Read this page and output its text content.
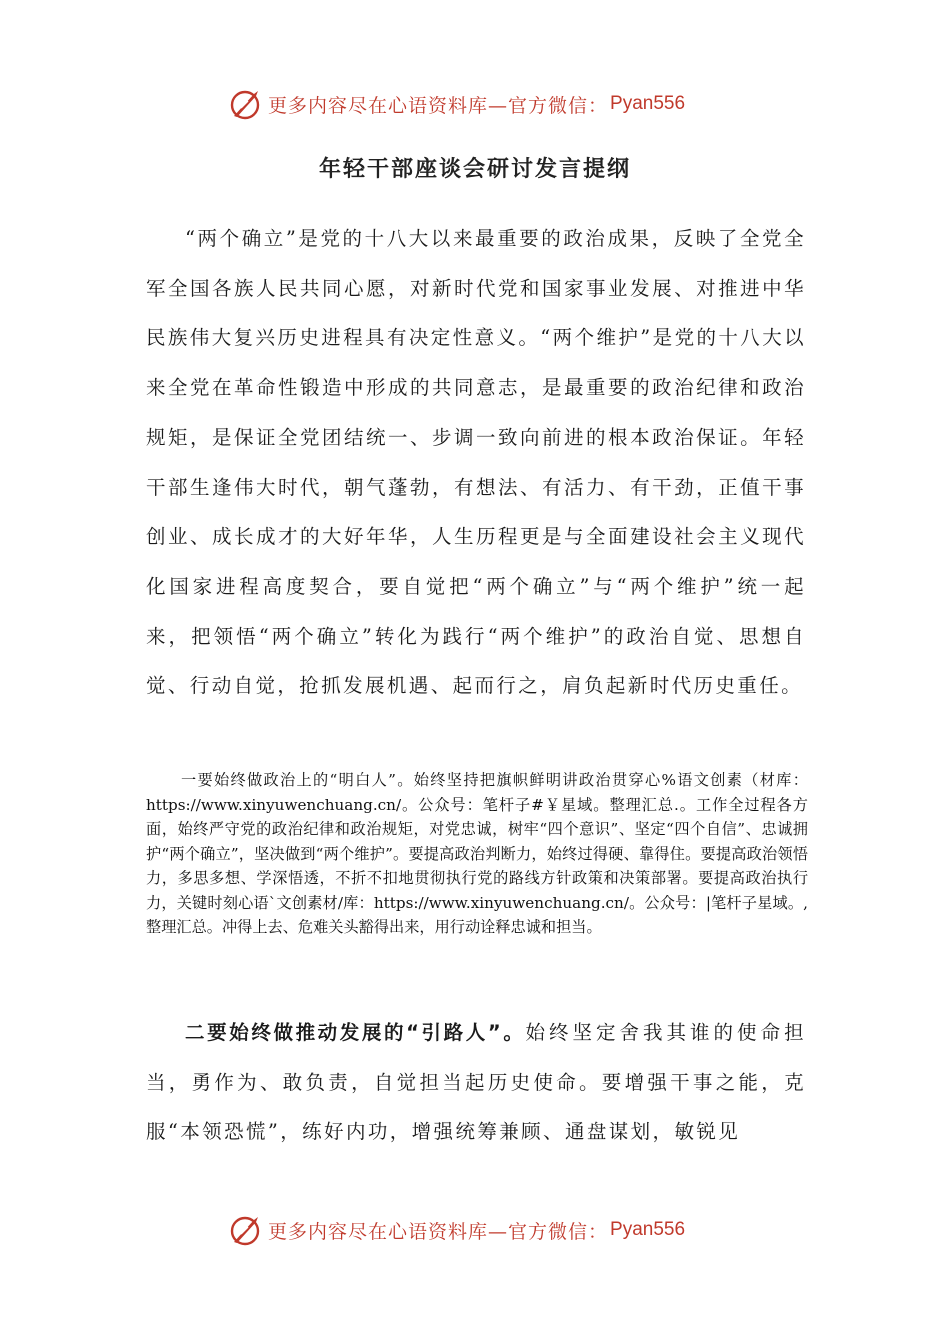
更多内容尽在心语资料库—官方微信： Pyan556
年轻干部座谈会研讨发言提纲

“两个确立”是党的十八大以来最重要的政治成果，反映了全党全军全国各族人民共同心愿，对新时代党和国家事业发展、对推进中华民族伟大复兴历史进程具有决定性意义。“两个维护”是党的十八大以来全党在革命性锻造中形成的共同意志，是最重要的政治纪律和政治规矩，是保证全党团结统一、步调一致向前进的根本政治保证。年轻干部生逢伟大时代，朝气蓬勃，有想法、有活力、有干劲，正值干事创业、成长成才的大好年华，人生历程更是与全面建设社会主义现代化国家进程高度契合，要自觉把“两个确立”与“两个维护”统一起来，把领悟“两个确立”转化为践行“两个维护”的政治自觉、思想自觉、行动自觉，抢抓发展机遇、起而行之，肩负起新时代历史重任。

一要始终做政治上的“明白人”。始终坚持把旗帜鲜明讲政治贯穿心%语文创素（材库：https://www.xinyuwenchuang.cn/。公众号：笔杆子#￥星域。整理汇总.。工作全过程各方面，始终严守党的政治纪律和政治规矩，对党忠诚，树牢“四个意识”、坚定“四个自信”、忠诚拥护“两个确立”，坚决做到“两个维护”。要提高政治判断力，始终过得硬、靠得住。要提高政治领悟力，多思多想、学深悟透，不折不扣地贯彻执行党的路线方针政策和决策部署。要提高政治执行力，关键时刻心语ˋ文创素材/库：https://www.xinyuwenchuang.cn/。公众号：|笔杆子星域。,整理汇总。冲得上去、危难关头豁得出来，用行动诠释忠诚和担当。

二要始终做推动发展的“引路人”。始终坚定舍我其谁的使命担当，勇作为、敢负责，自觉担当起历史使命。要增强干事之能，克服“本领恐慌”，练好内功，增强统筹兼顾、通盘谋划，敏锐见

更多内容尽在心语资料库—官方微信： Pyan556
